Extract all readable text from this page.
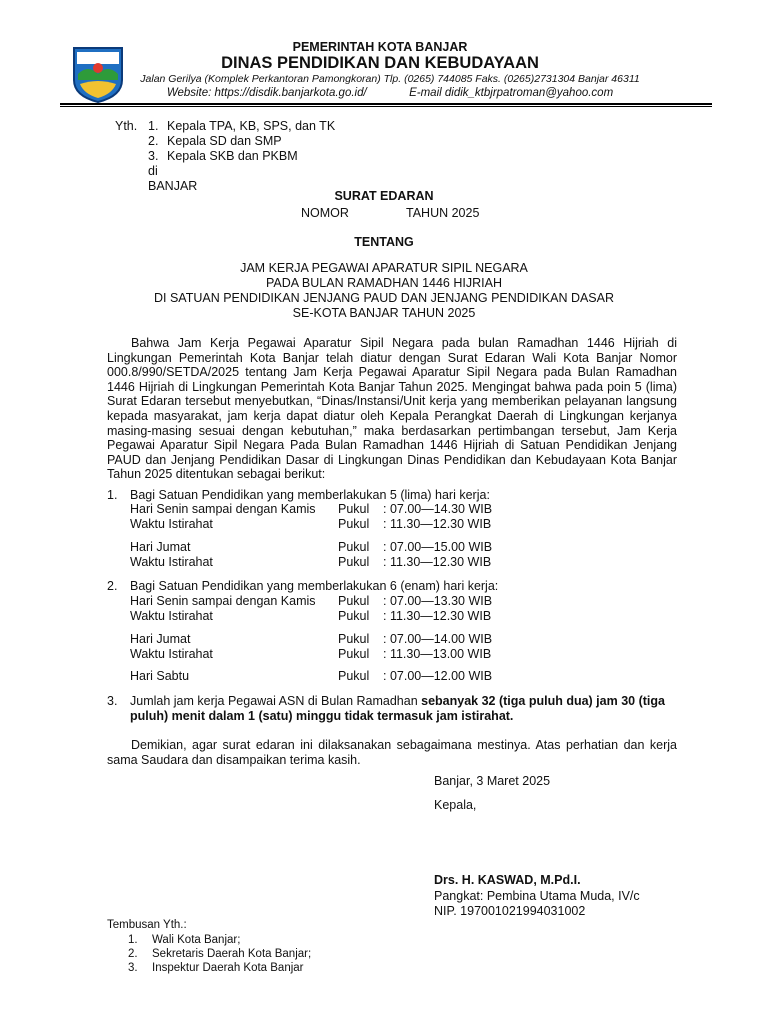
PEMERINTAH KOTA BANJAR
DINAS PENDIDIKAN DAN KEBUDAYAAN
Jalan Gerilya (Komplek Perkantoran Pamongkoran) Tlp. (0265) 744085 Faks. (0265)2731304 Banjar 46311
Website: https://disdik.banjarkota.go.id/	E-mail didik_ktbjrpatroman@yahoo.com
Yth. 1. Kepala TPA, KB, SPS, dan TK
2. Kepala SD dan SMP
3. Kepala SKB dan PKBM
di
BANJAR
SURAT EDARAN
NOMOR	TAHUN 2025
TENTANG
JAM KERJA PEGAWAI APARATUR SIPIL NEGARA
PADA BULAN RAMADHAN 1446 HIJRIAH
DI SATUAN PENDIDIKAN JENJANG PAUD DAN JENJANG PENDIDIKAN DASAR
SE-KOTA BANJAR TAHUN 2025
Bahwa Jam Kerja Pegawai Aparatur Sipil Negara pada bulan Ramadhan 1446 Hijriah di Lingkungan Pemerintah Kota Banjar telah diatur dengan Surat Edaran Wali Kota Banjar Nomor 000.8/990/SETDA/2025 tentang Jam Kerja Pegawai Aparatur Sipil Negara pada Bulan Ramadhan 1446 Hijriah di Lingkungan Pemerintah Kota Banjar Tahun 2025. Mengingat bahwa pada poin 5 (lima) Surat Edaran tersebut menyebutkan, “Dinas/Instansi/Unit kerja yang memberikan pelayanan langsung kepada masyarakat, jam kerja dapat diatur oleh Kepala Perangkat Daerah di Lingkungan kerjanya masing-masing sesuai dengan kebutuhan,” maka berdasarkan pertimbangan tersebut, Jam Kerja Pegawai Aparatur Sipil Negara Pada Bulan Ramadhan 1446 Hijriah di Satuan Pendidikan Jenjang PAUD dan Jenjang Pendidikan Dasar di Lingkungan Dinas Pendidikan dan Kebudayaan Kota Banjar Tahun 2025 ditentukan sebagai berikut:
1. Bagi Satuan Pendidikan yang memberlakukan 5 (lima) hari kerja:
Hari Senin sampai dengan Kamis Pukul : 07.00—14.30 WIB
Waktu Istirahat	Pukul : 11.30—12.30 WIB
Hari Jumat	Pukul : 07.00—15.00 WIB
Waktu Istirahat	Pukul : 11.30—12.30 WIB
2. Bagi Satuan Pendidikan yang memberlakukan 6 (enam) hari kerja:
Hari Senin sampai dengan Kamis Pukul : 07.00—13.30 WIB
Waktu Istirahat	Pukul : 11.30—12.30 WIB
Hari Jumat	Pukul : 07.00—14.00 WIB
Waktu Istirahat	Pukul : 11.30—13.00 WIB
Hari Sabtu	Pukul : 07.00—12.00 WIB
3. Jumlah jam kerja Pegawai ASN di Bulan Ramadhan sebanyak 32 (tiga puluh dua) jam 30 (tiga
puluh) menit dalam 1 (satu) minggu tidak termasuk jam istirahat.
Demikian, agar surat edaran ini dilaksanakan sebagaimana mestinya. Atas perhatian dan kerja sama Saudara dan disampaikan terima kasih.
Banjar, 3 Maret 2025
Kepala,
Drs. H. KASWAD, M.Pd.I.
Pangkat: Pembina Utama Muda, IV/c
NIP. 197001021994031002
Tembusan Yth.:
1. Wali Kota Banjar;
2. Sekretaris Daerah Kota Banjar;
3. Inspektur Daerah Kota Banjar
